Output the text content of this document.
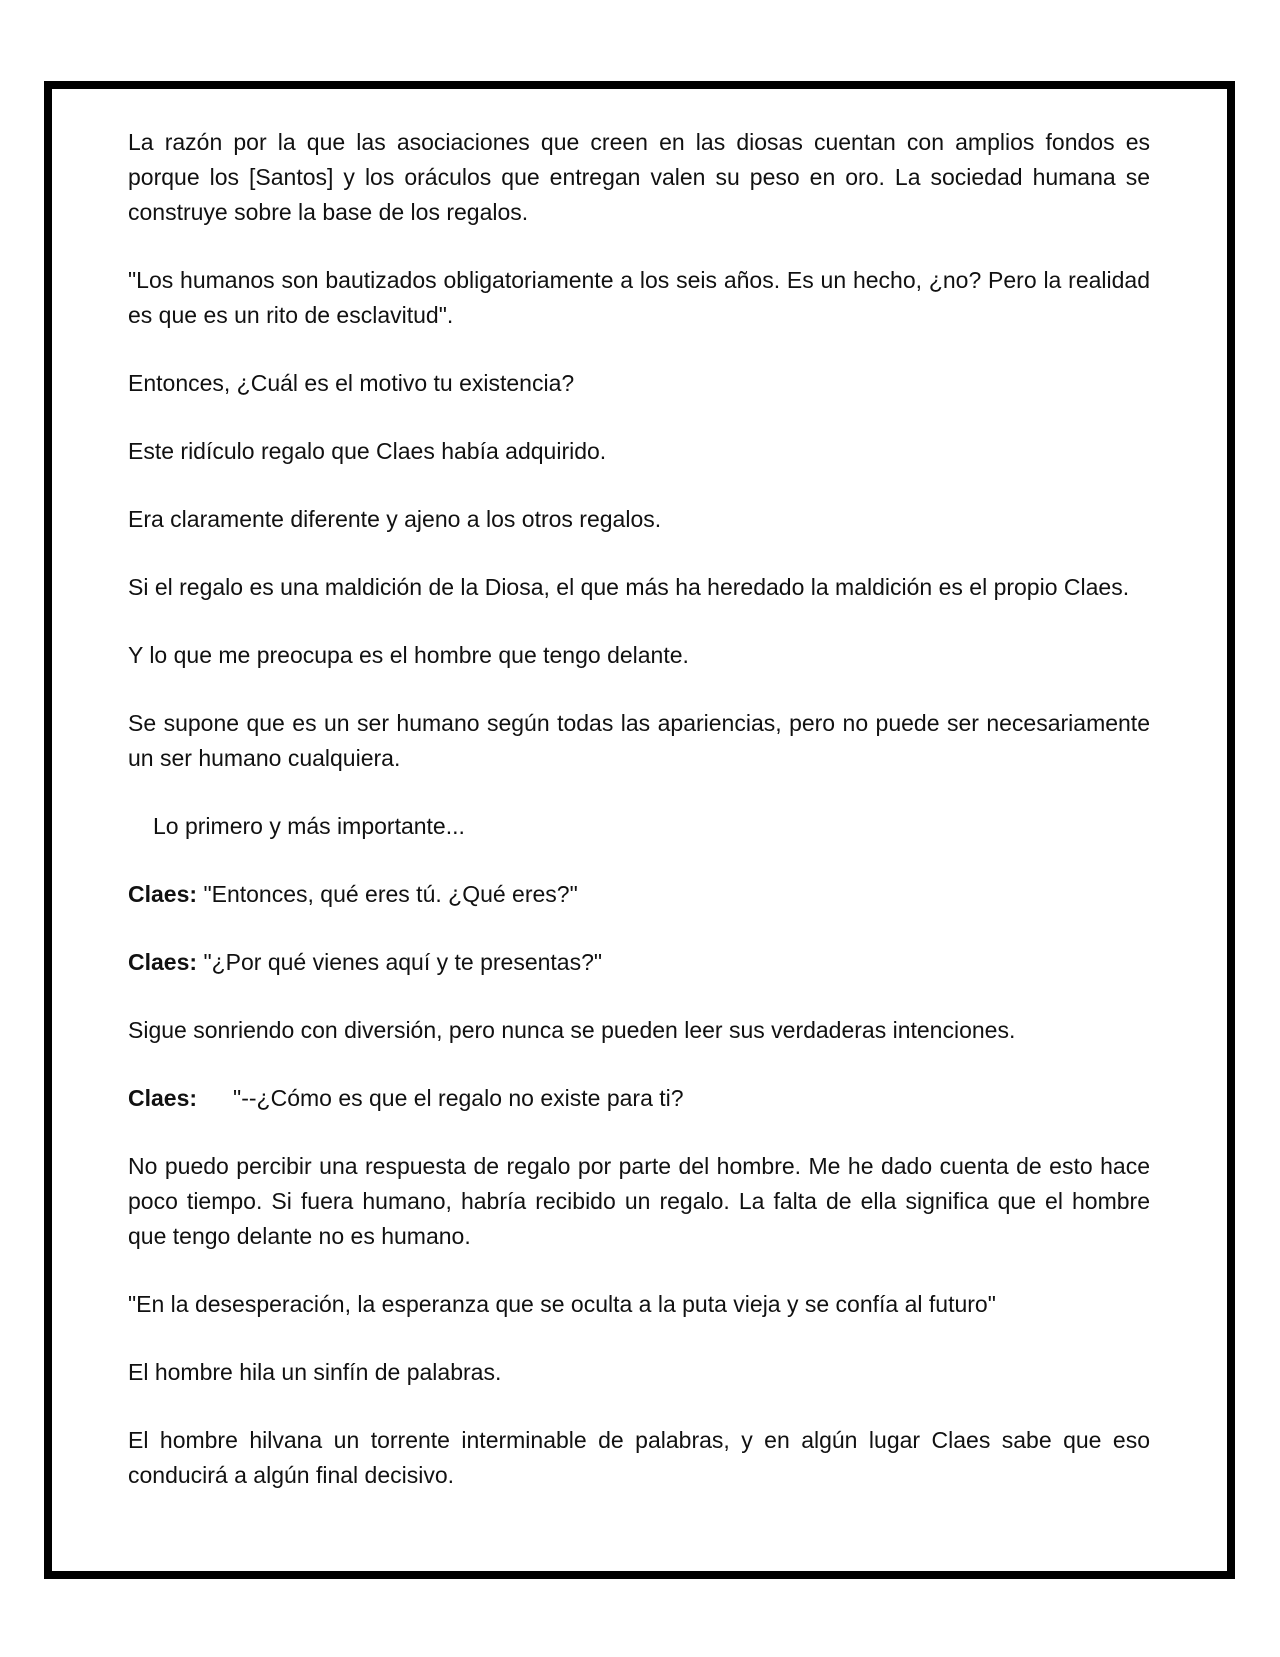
La razón por la que las asociaciones que creen en las diosas cuentan con amplios fondos es porque los [Santos] y los oráculos que entregan valen su peso en oro. La sociedad humana se construye sobre la base de los regalos.

"Los humanos son bautizados obligatoriamente a los seis años. Es un hecho, ¿no? Pero la realidad es que es un rito de esclavitud".

Entonces, ¿Cuál es el motivo tu existencia?

Este ridículo regalo que Claes había adquirido.

Era claramente diferente y ajeno a los otros regalos.

Si el regalo es una maldición de la Diosa, el que más ha heredado la maldición es el propio Claes.

Y lo que me preocupa es el hombre que tengo delante.

Se supone que es un ser humano según todas las apariencias, pero no puede ser necesariamente un ser humano cualquiera.

Lo primero y más importante...

Claes: "Entonces, qué eres tú. ¿Qué eres?"

Claes: "¿Por qué vienes aquí y te presentas?"

Sigue sonriendo con diversión, pero nunca se pueden leer sus verdaderas intenciones.

Claes: "--¿Cómo es que el regalo no existe para ti?

No puedo percibir una respuesta de regalo por parte del hombre. Me he dado cuenta de esto hace poco tiempo. Si fuera humano, habría recibido un regalo. La falta de ella significa que el hombre que tengo delante no es humano.

"En la desesperación, la esperanza que se oculta a la puta vieja y se confía al futuro"

El hombre hila un sinfín de palabras.

El hombre hilvana un torrente interminable de palabras, y en algún lugar Claes sabe que eso conducirá a algún final decisivo.
